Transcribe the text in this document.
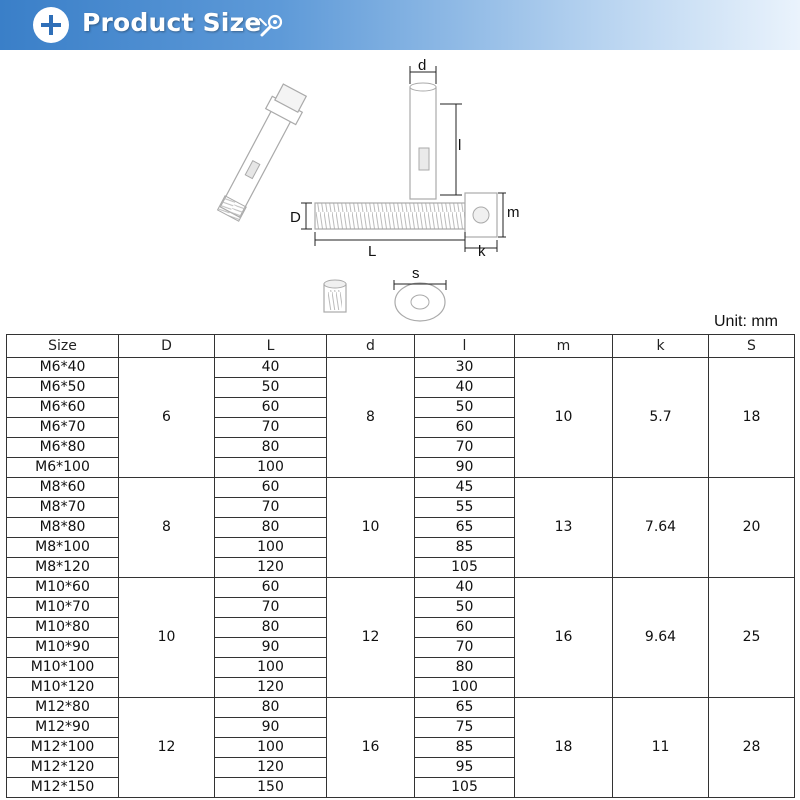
Product Size
d
l
D	m
L	k
s
Unit: mm
Size	D	L	d	l	m	k	S
M6*40	6	40	8	30	10	5.7	18
M6*50		50		40			
M6*60		60		50			
M6*70		70		60			
M6*80		80		70			
M6*100		100		90			
M8*60	8	60	10	45	13	7.64	20
M8*70		70		55			
M8*80		80		65			
M8*100		100		85			
M8*120		120		105			
M10*60	10	60	12	40	16	9.64	25
M10*70		70		50			
M10*80		80		60			
M10*90		90		70			
M10*100		100		80			
M10*120		120		100			
M12*80	12	80	16	65	18	11	28
M12*90		90		75			
M12*100		100		85			
M12*120		120		95			
M12*150		150		105			
